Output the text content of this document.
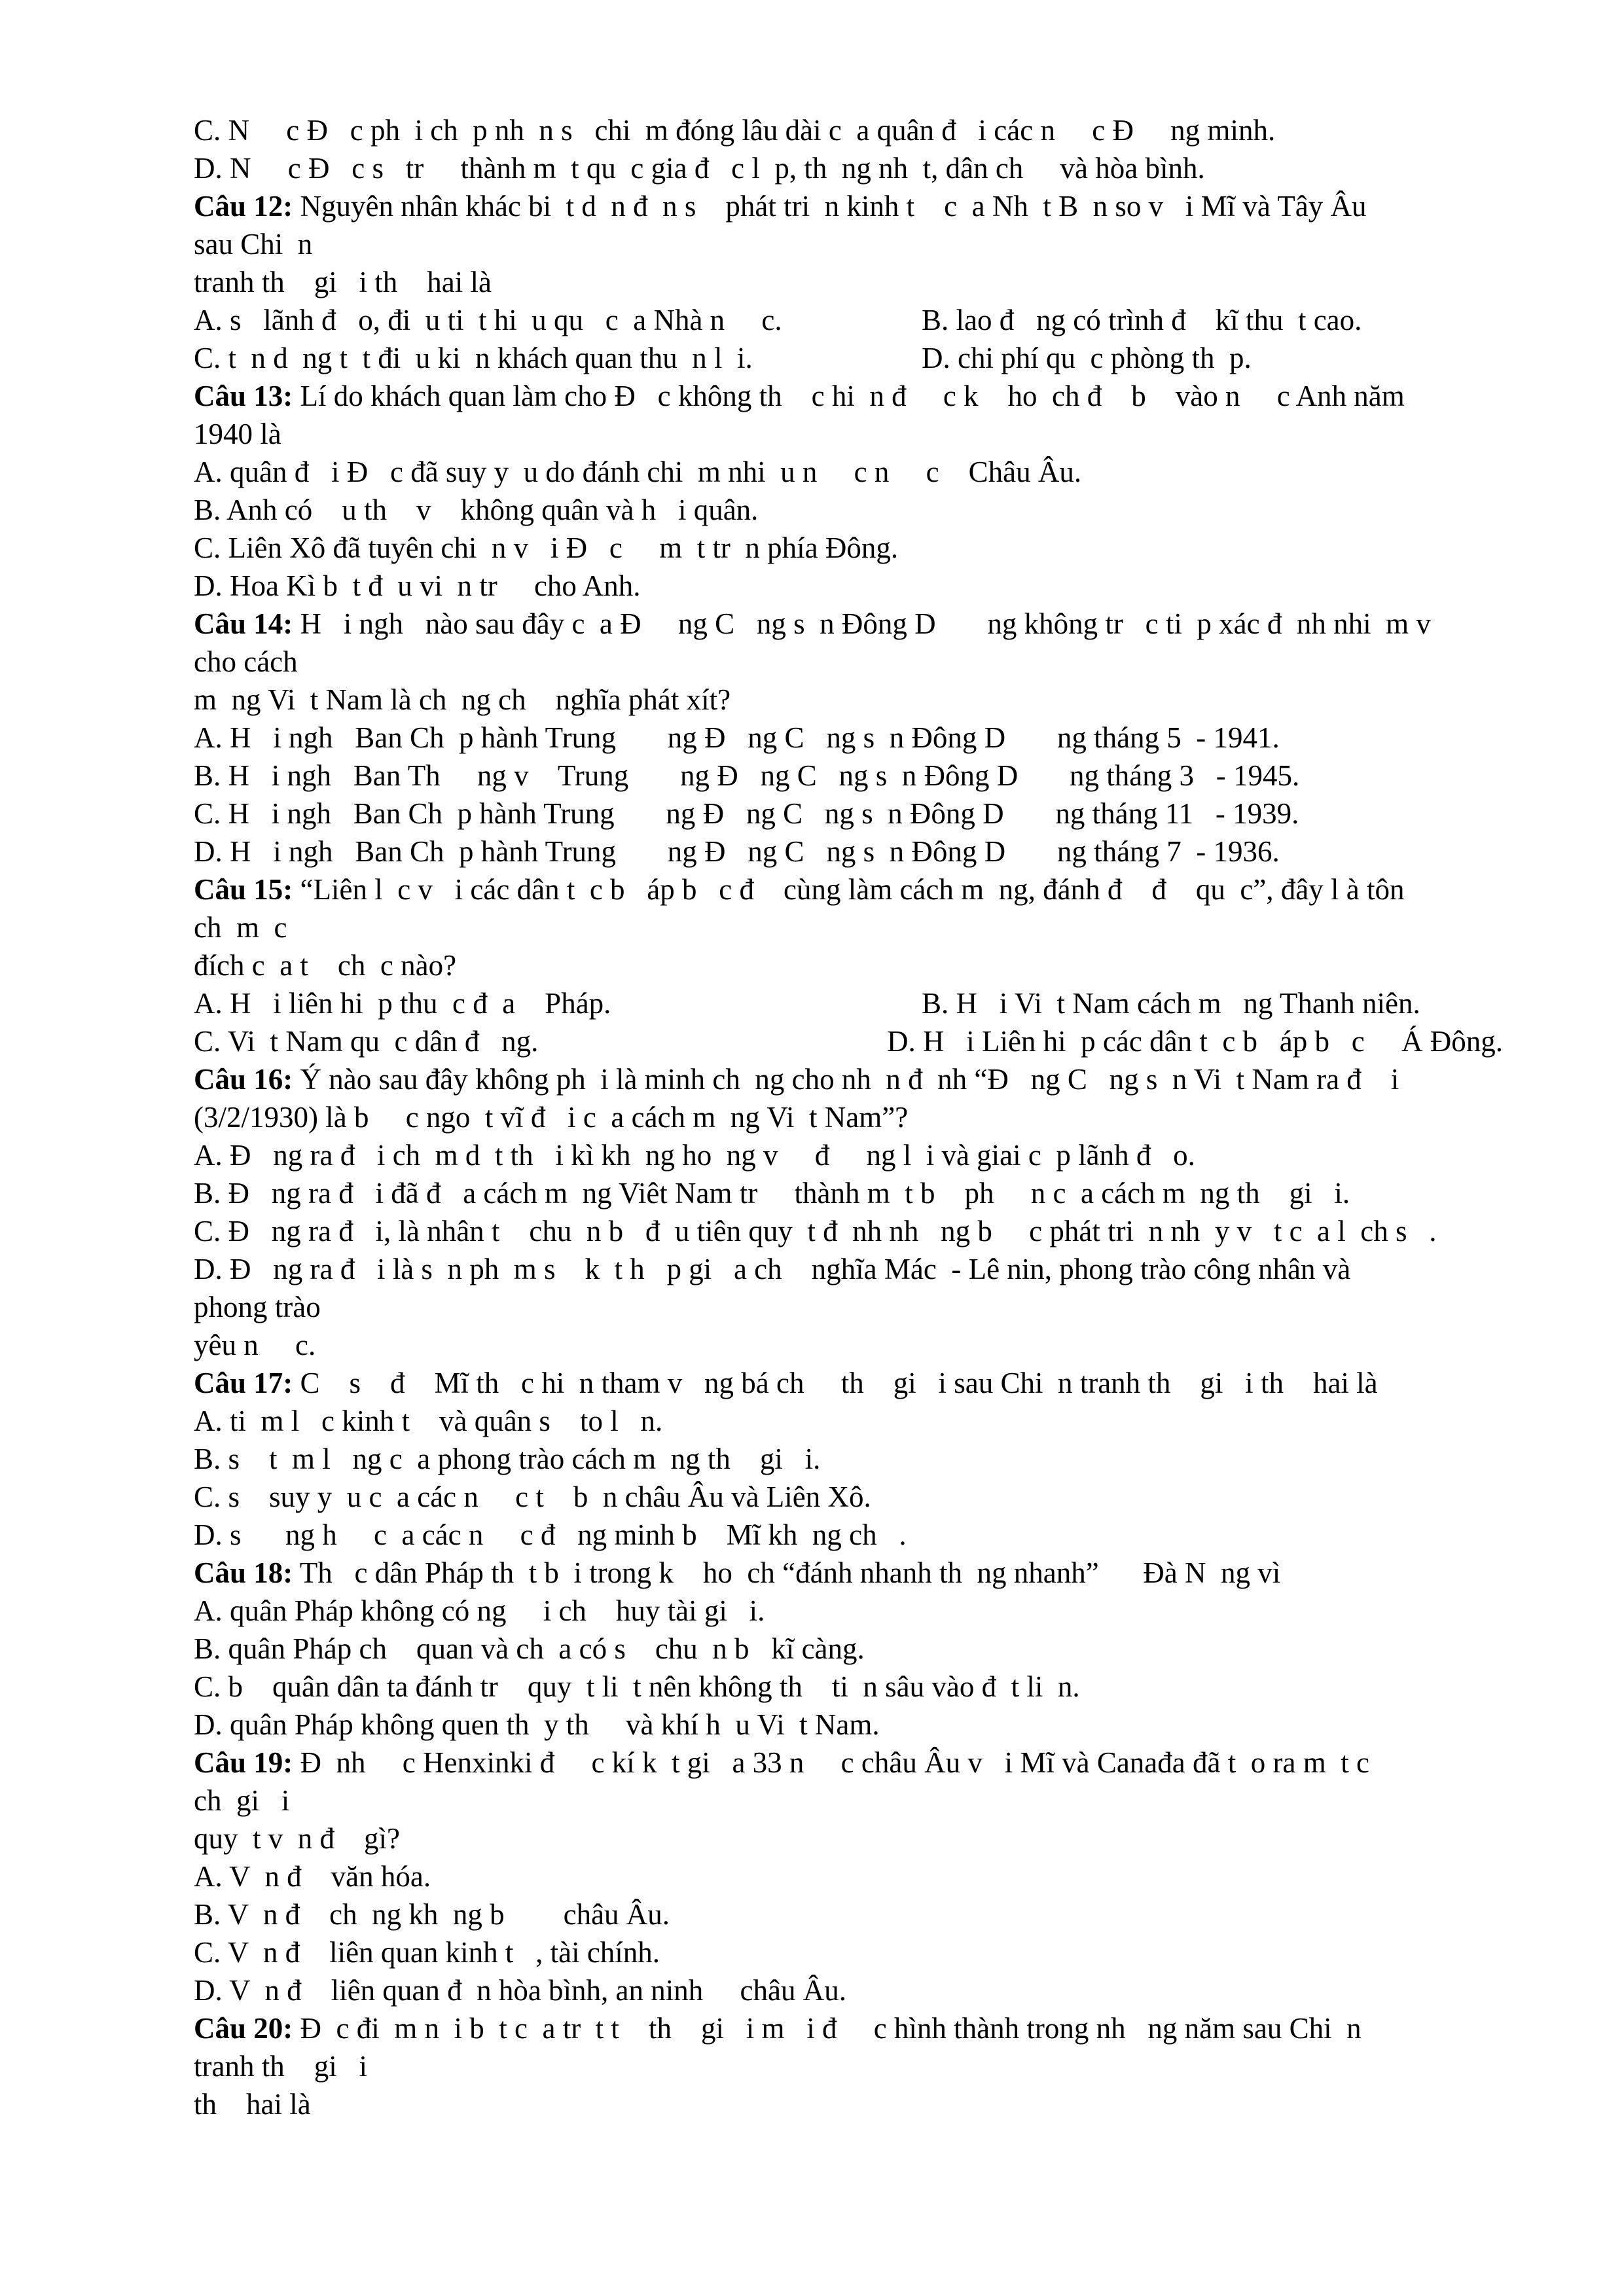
C. N     c Đ   c ph  i ch  p nh  n s   chi  m đóng lâu dài c  a quân đ   i các n     c Đ     ng minh.
D. N     c Đ   c s   tr     thành m  t qu  c gia đ   c l  p, th  ng nh  t, dân ch     và hòa bình.
Câu 12: Nguyên nhân khác bi  t d  n đ  n s    phát tri  n kinh t    c  a Nh  t B  n so v   i Mĩ và Tây Âu
sau Chi  n
tranh th    gi   i th    hai là
A. s   lãnh đ   o, đi  u ti  t hi  u qu   c  a Nhà n     c.	B. lao đ   ng có trình đ    kĩ thu  t cao.
C. t  n d  ng t  t đi  u ki  n khách quan thu  n l  i.	D. chi phí qu  c phòng th  p.
Câu 13: Lí do khách quan làm cho Đ   c không th    c hi  n đ     c k    ho  ch đ    b    vào n     c Anh năm
1940 là
A. quân đ   i Đ   c đã suy y  u do đánh chi  m nhi  u n     c n     c    Châu Âu.
B. Anh có    u th    v    không quân và h   i quân.
C. Liên Xô đã tuyên chi  n v   i Đ   c     m  t tr  n phía Đông.
D. Hoa Kì b  t đ  u vi  n tr     cho Anh.
Câu 14: H   i ngh   nào sau đây c  a Đ     ng C   ng s  n Đông D       ng không tr   c ti  p xác đ  nh nhi  m v
cho cách
m  ng Vi  t Nam là ch  ng ch    nghĩa phát xít?
A. H   i ngh   Ban Ch  p hành Trung       ng Đ   ng C   ng s  n Đông D       ng tháng 5  - 1941.
B. H   i ngh   Ban Th     ng v    Trung       ng Đ   ng C   ng s  n Đông D       ng tháng 3   - 1945.
C. H   i ngh   Ban Ch  p hành Trung       ng Đ   ng C   ng s  n Đông D       ng tháng 11   - 1939.
D. H   i ngh   Ban Ch  p hành Trung       ng Đ   ng C   ng s  n Đông D       ng tháng 7  - 1936.
Câu 15: “Liên l  c v   i các dân t  c b   áp b   c đ    cùng làm cách m  ng, đánh đ    đ    qu  c”, đây l à tôn
ch  m  c
đích c  a t    ch  c nào?
A. H   i liên hi  p thu  c đ  a    Pháp.	B. H   i Vi  t Nam cách m   ng Thanh niên.
C. Vi  t Nam qu  c dân đ   ng.	D. H   i Liên hi  p các dân t  c b   áp b   c     Á Đông.
Câu 16: Ý nào sau đây không ph  i là minh ch  ng cho nh  n đ  nh “Đ   ng C   ng s  n Vi  t Nam ra đ    i
(3/2/1930) là b     c ngo  t vĩ đ   i c  a cách m  ng Vi  t Nam”?
A. Đ   ng ra đ   i ch  m d  t th   i kì kh  ng ho  ng v     đ     ng l  i và giai c  p lãnh đ   o.
B. Đ   ng ra đ   i đã đ   a cách m  ng Viêt Nam tr     thành m  t b    ph     n c  a cách m  ng th    gi   i.
C. Đ   ng ra đ   i, là nhân t    chu  n b   đ  u tiên quy  t đ  nh nh   ng b     c phát tri  n nh  y v   t c  a l  ch s   .
D. Đ   ng ra đ   i là s  n ph  m s    k  t h   p gi   a ch    nghĩa Mác  - Lê nin, phong trào công nhân và
phong trào
yêu n     c.
Câu 17: C    s    đ    Mĩ th   c hi  n tham v   ng bá ch     th    gi   i sau Chi  n tranh th    gi   i th    hai là
A. ti  m l   c kinh t    và quân s    to l   n.
B. s    t  m l   ng c  a phong trào cách m  ng th    gi   i.
C. s    suy y  u c  a các n     c t    b  n châu Âu và Liên Xô.
D. s      ng h     c  a các n     c đ   ng minh b    Mĩ kh  ng ch   .
Câu 18: Th   c dân Pháp th  t b  i trong k    ho  ch “đánh nhanh th  ng nhanh”      Đà N  ng vì
A. quân Pháp không có ng     i ch    huy tài gi   i.
B. quân Pháp ch    quan và ch  a có s    chu  n b   kĩ càng.
C. b    quân dân ta đánh tr    quy  t li  t nên không th    ti  n sâu vào đ  t li  n.
D. quân Pháp không quen th  y th     và khí h  u Vi  t Nam.
Câu 19: Đ  nh     c Henxinki đ     c kí k  t gi   a 33 n     c châu Âu v   i Mĩ và Canađa đã t  o ra m  t c
ch  gi   i
quy  t v  n đ    gì?
A. V  n đ    văn hóa.
B. V  n đ    ch  ng kh  ng b        châu Âu.
C. V  n đ    liên quan kinh t   , tài chính.
D. V  n đ    liên quan đ  n hòa bình, an ninh     châu Âu.
Câu 20: Đ  c đi  m n  i b  t c  a tr  t t    th    gi   i m   i đ     c hình thành trong nh   ng năm sau Chi  n
tranh th    gi   i
th    hai là
